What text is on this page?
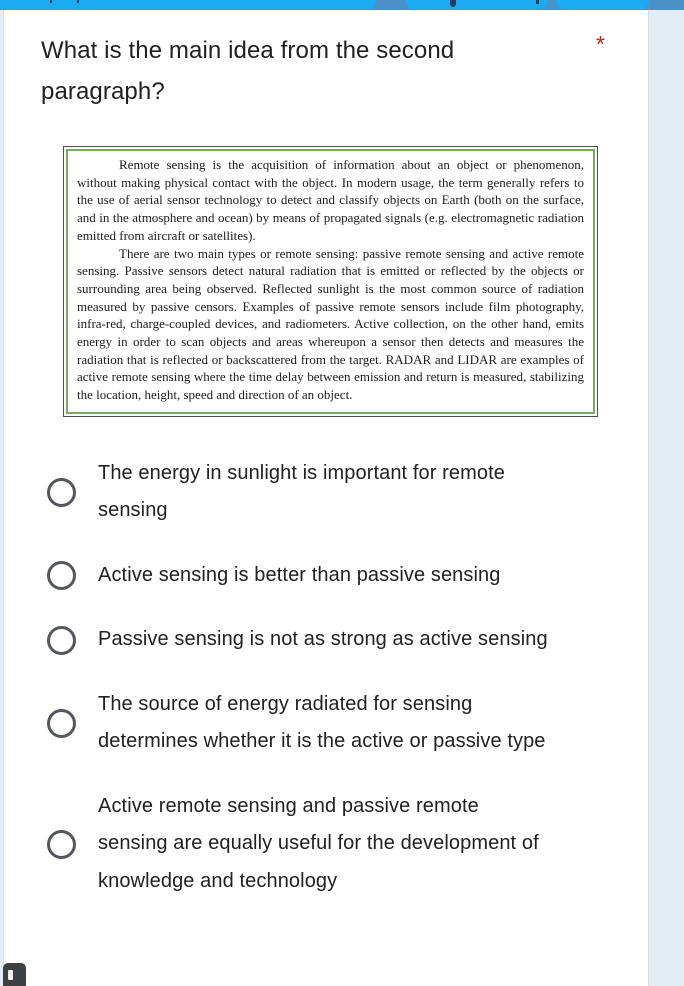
What is the main idea from the second paragraph?
*

Remote sensing is the acquisition of information about an object or phenomenon, without making physical contact with the object. In modern usage, the term generally refers to the use of aerial sensor technology to detect and classify objects on Earth (both on the surface, and in the atmosphere and ocean) by means of propagated signals (e.g. electromagnetic radiation emitted from aircraft or satellites).

There are two main types or remote sensing: passive remote sensing and active remote sensing. Passive sensors detect natural radiation that is emitted or reflected by the objects or surrounding area being observed. Reflected sunlight is the most common source of radiation measured by passive censors. Examples of passive remote sensors include film photography, infra-red, charge-coupled devices, and radiometers. Active collection, on the other hand, emits energy in order to scan objects and areas whereupon a sensor then detects and measures the radiation that is reflected or backscattered from the target. RADAR and LIDAR are examples of active remote sensing where the time delay between emission and return is measured, stabilizing the location, height, speed and direction of an object.

The energy in sunlight is important for remote sensing
Active sensing is better than passive sensing
Passive sensing is not as strong as active sensing
The source of energy radiated for sensing determines whether it is the active or passive type
Active remote sensing and passive remote sensing are equally useful for the development of knowledge and technology
